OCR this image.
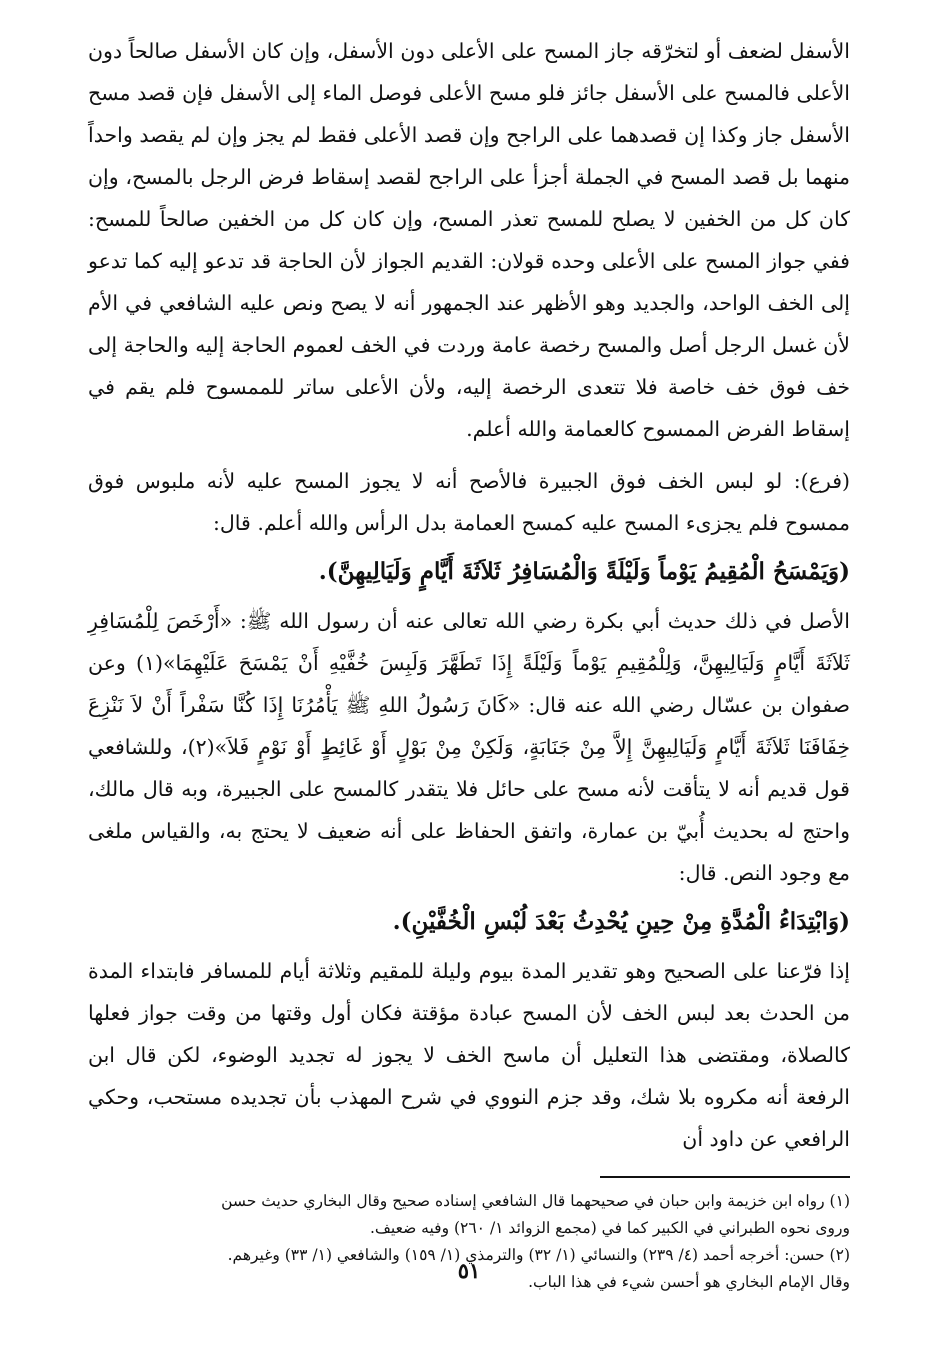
الأسفل لضعف أو لتخرّقه جاز المسح على الأعلى دون الأسفل، وإن كان الأسفل صالحاً دون الأعلى فالمسح على الأسفل جائز فلو مسح الأعلى فوصل الماء إلى الأسفل فإن قصد مسح الأسفل جاز وكذا إن قصدهما على الراجح وإن قصد الأعلى فقط لم يجز وإن لم يقصد واحداً منهما بل قصد المسح في الجملة أجزأ على الراجح لقصد إسقاط فرض الرجل بالمسح، وإن كان كل من الخفين لا يصلح للمسح تعذر المسح، وإن كان كل من الخفين صالحاً للمسح: ففي جواز المسح على الأعلى وحده قولان: القديم الجواز لأن الحاجة قد تدعو إليه كما تدعو إلى الخف الواحد، والجديد وهو الأظهر عند الجمهور أنه لا يصح ونص عليه الشافعي في الأم لأن غسل الرجل أصل والمسح رخصة عامة وردت في الخف لعموم الحاجة إليه والحاجة إلى خف فوق خف خاصة فلا تتعدى الرخصة إليه، ولأن الأعلى ساتر للممسوح فلم يقم في إسقاط الفرض الممسوح كالعمامة والله أعلم.

(فرع): لو لبس الخف فوق الجبيرة فالأصح أنه لا يجوز المسح عليه لأنه ملبوس فوق ممسوح فلم يجزىء المسح عليه كمسح العمامة بدل الرأس والله أعلم. قال:

(وَيَمْسَحُ الْمُقِيمُ يَوْماً وَلَيْلَةً وَالْمُسَافِرُ ثَلاَثَةَ أَيَّامٍ وَلَيَالِيهِنَّ).

الأصل في ذلك حديث أبي بكرة رضي الله تعالى عنه أن رسول الله ﷺ: «أَرْخَصَ لِلْمُسَافِرِ ثَلاَثَةَ أَيَّامٍ وَلَيَالِيهِنَّ، وَلِلْمُقِيمِ يَوْماً وَلَيْلَةً إِذَا تَطَهَّرَ وَلَبِسَ خُفَّيْهِ أَنْ يَمْسَحَ عَلَيْهِمَا»(١) وعن صفوان بن عسّال رضي الله عنه قال: «كَانَ رَسُولُ اللهِ ﷺ يَأْمُرُنَا إِذَا كُنَّا سَفْراً أَنْ لاَ نَنْزِعَ خِفَافَنَا ثَلاَثَةَ أَيَّامٍ وَلَيَالِيهِنَّ إِلاَّ مِنْ جَنَابَةٍ، وَلَكِنْ مِنْ بَوْلٍ أَوْ غَائِطٍ أَوْ نَوْمٍ فَلاَ»(٢)، وللشافعي قول قديم أنه لا يتأقت لأنه مسح على حائل فلا يتقدر كالمسح على الجبيرة، وبه قال مالك، واحتج له بحديث أُبيّ بن عمارة، واتفق الحفاظ على أنه ضعيف لا يحتج به، والقياس ملغى مع وجود النص. قال:

(وَابْتِدَاءُ الْمُدَّةِ مِنْ حِينِ يُحْدِثُ بَعْدَ لُبْسِ الْخُفَّيْنِ).

إذا فرّعنا على الصحيح وهو تقدير المدة بيوم وليلة للمقيم وثلاثة أيام للمسافر فابتداء المدة من الحدث بعد لبس الخف لأن المسح عبادة مؤقتة فكان أول وقتها من وقت جواز فعلها كالصلاة، ومقتضى هذا التعليل أن ماسح الخف لا يجوز له تجديد الوضوء، لكن قال ابن الرفعة أنه مكروه بلا شك، وقد جزم النووي في شرح المهذب بأن تجديده مستحب، وحكي الرافعي عن داود أن

(١) رواه ابن خزيمة وابن حبان في صحيحهما قال الشافعي إسناده صحيح وقال البخاري حديث حسن

وروى نحوه الطبراني في الكبير كما في (مجمع الزوائد ١/ ٢٦٠) وفيه ضعيف.

(٢) حسن: أخرجه أحمد (٤/ ٢٣٩) والنسائي (١/ ٣٢) والترمذي (١/ ١٥٩) والشافعي (١/ ٣٣) وغيرهم.

وقال الإمام البخاري هو أحسن شيء في هذا الباب.

٥١
